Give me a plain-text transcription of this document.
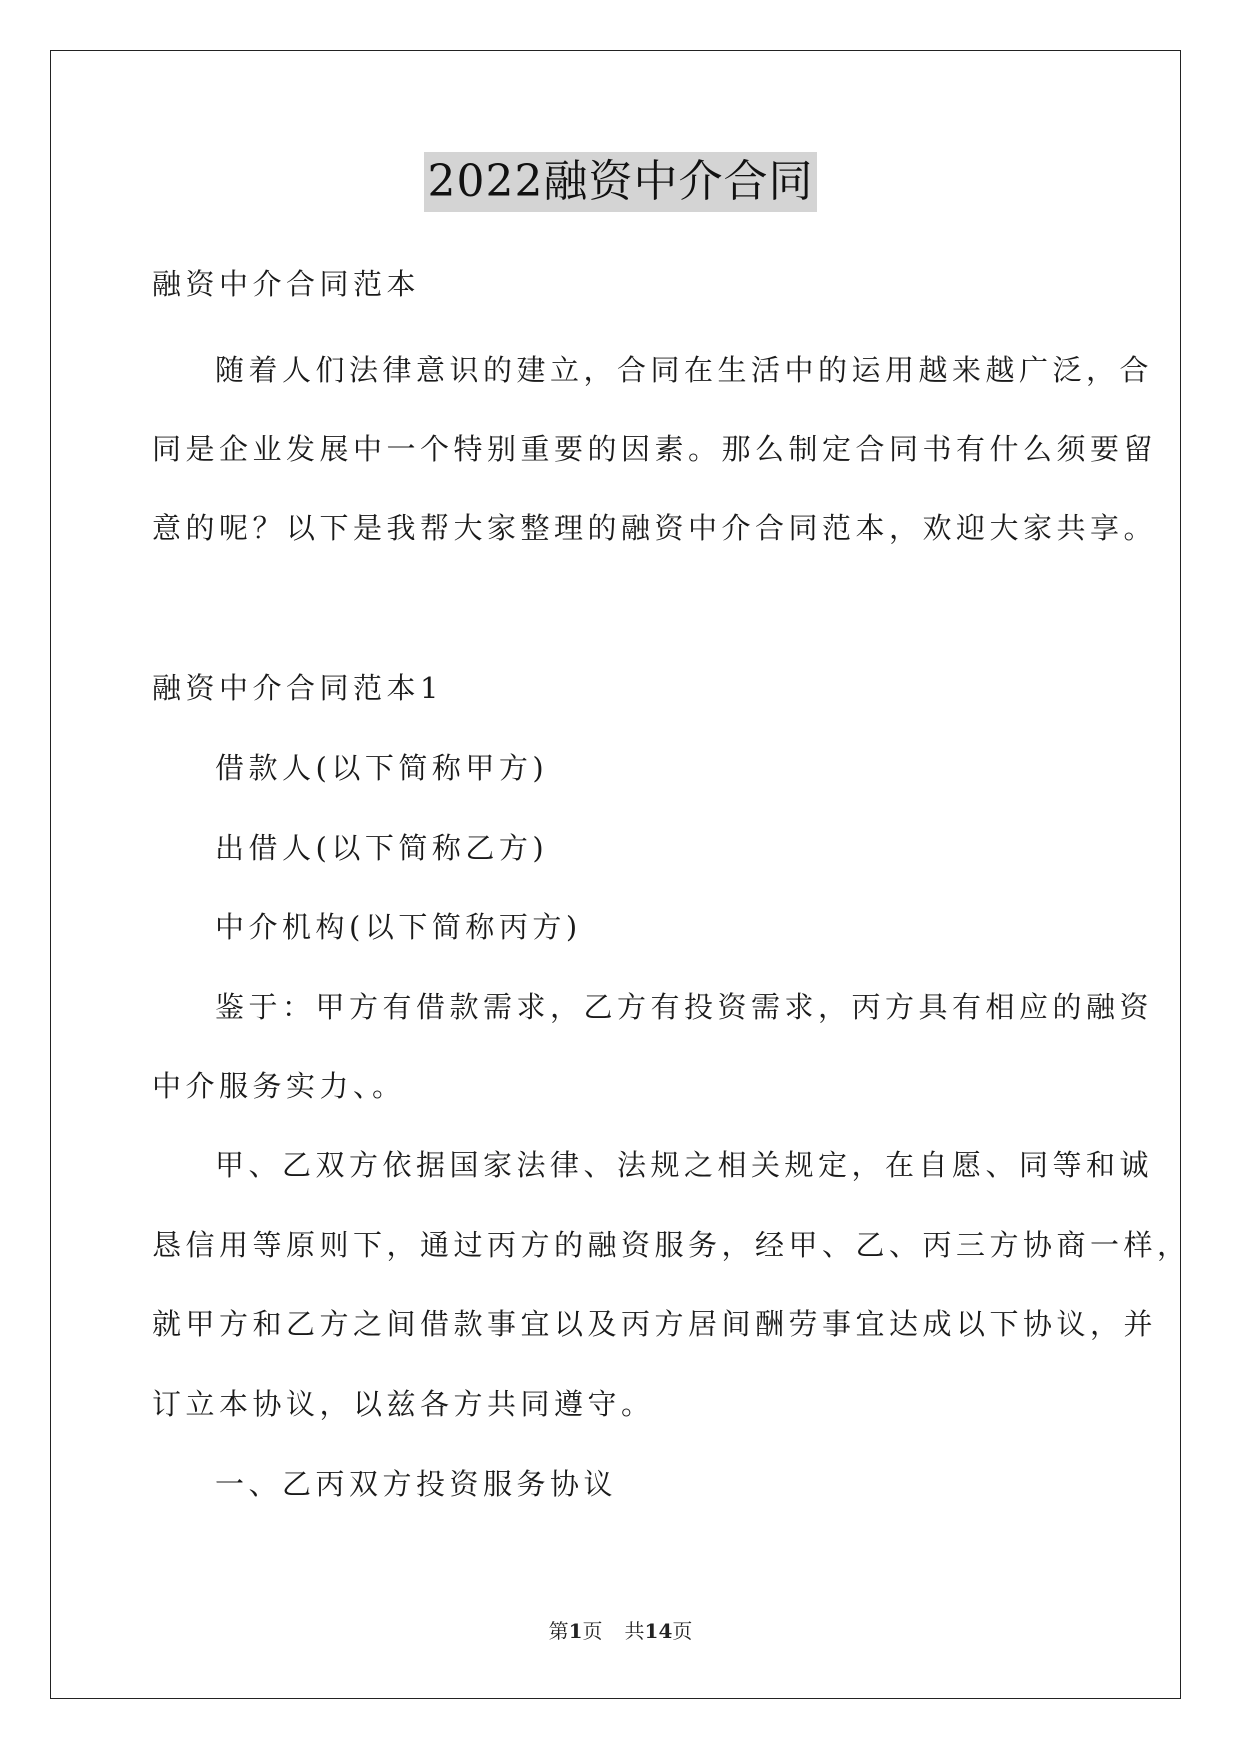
2022融资中介合同
融资中介合同范本
随着人们法律意识的建立，合同在生活中的运用越来越广泛，合
同是企业发展中一个特别重要的因素。那么制定合同书有什么须要留
意的呢？以下是我帮大家整理的融资中介合同范本，欢迎大家共享。
融资中介合同范本1
借款人(以下简称甲方)
出借人(以下简称乙方)
中介机构(以下简称丙方)
鉴于：甲方有借款需求，乙方有投资需求，丙方具有相应的融资
中介服务实力、。
甲、乙双方依据国家法律、法规之相关规定，在自愿、同等和诚
恳信用等原则下，通过丙方的融资服务，经甲、乙、丙三方协商一样，
就甲方和乙方之间借款事宜以及丙方居间酬劳事宜达成以下协议，并
订立本协议，以兹各方共同遵守。
一、乙丙双方投资服务协议
第1页 共14页
